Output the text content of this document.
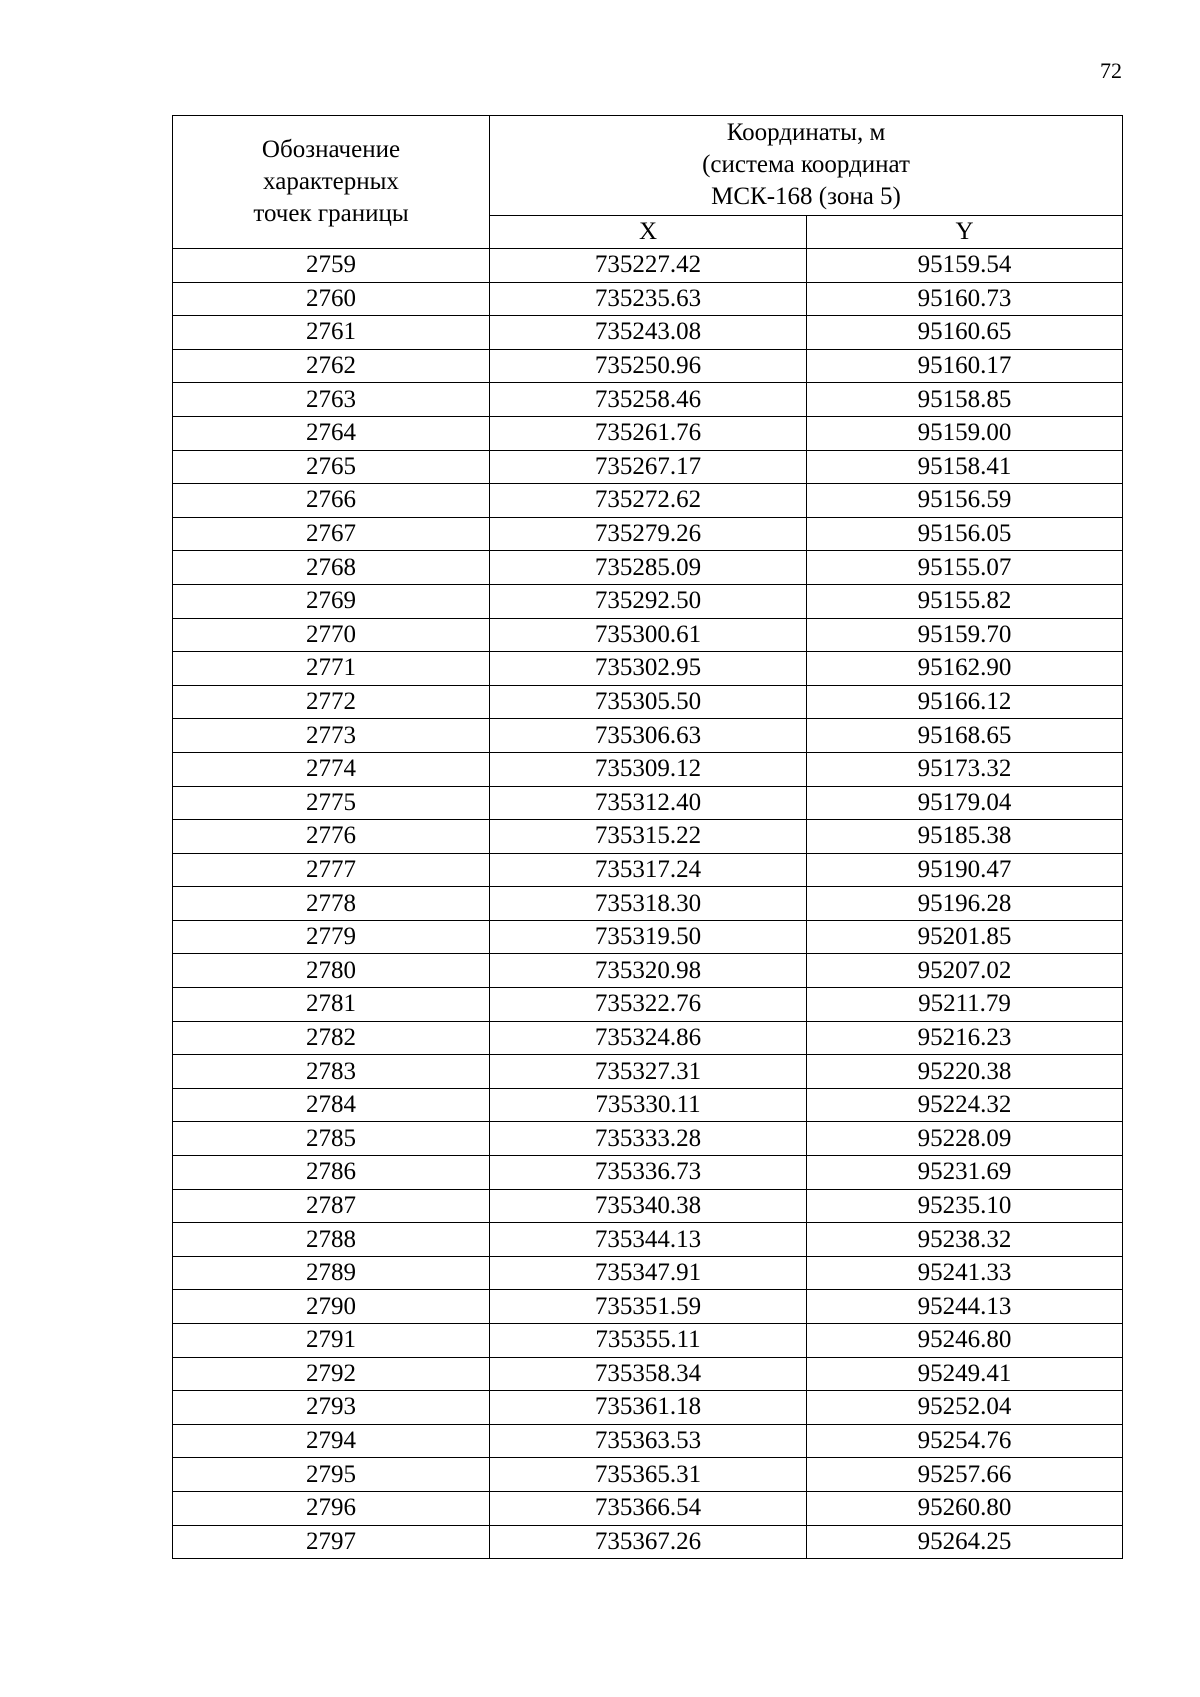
72
Обозначение
характерных
точек границы	Координаты, м
(система координат
МСК-168 (зона 5)	

	X	Y
2759	735227.42	95159.54
2760	735235.63	95160.73
2761	735243.08	95160.65
2762	735250.96	95160.17
2763	735258.46	95158.85
2764	735261.76	95159.00
2765	735267.17	95158.41
2766	735272.62	95156.59
2767	735279.26	95156.05
2768	735285.09	95155.07
2769	735292.50	95155.82
2770	735300.61	95159.70
2771	735302.95	95162.90
2772	735305.50	95166.12
2773	735306.63	95168.65
2774	735309.12	95173.32
2775	735312.40	95179.04
2776	735315.22	95185.38
2777	735317.24	95190.47
2778	735318.30	95196.28
2779	735319.50	95201.85
2780	735320.98	95207.02
2781	735322.76	95211.79
2782	735324.86	95216.23
2783	735327.31	95220.38
2784	735330.11	95224.32
2785	735333.28	95228.09
2786	735336.73	95231.69
2787	735340.38	95235.10
2788	735344.13	95238.32
2789	735347.91	95241.33
2790	735351.59	95244.13
2791	735355.11	95246.80
2792	735358.34	95249.41
2793	735361.18	95252.04
2794	735363.53	95254.76
2795	735365.31	95257.66
2796	735366.54	95260.80
2797	735367.26	95264.25
